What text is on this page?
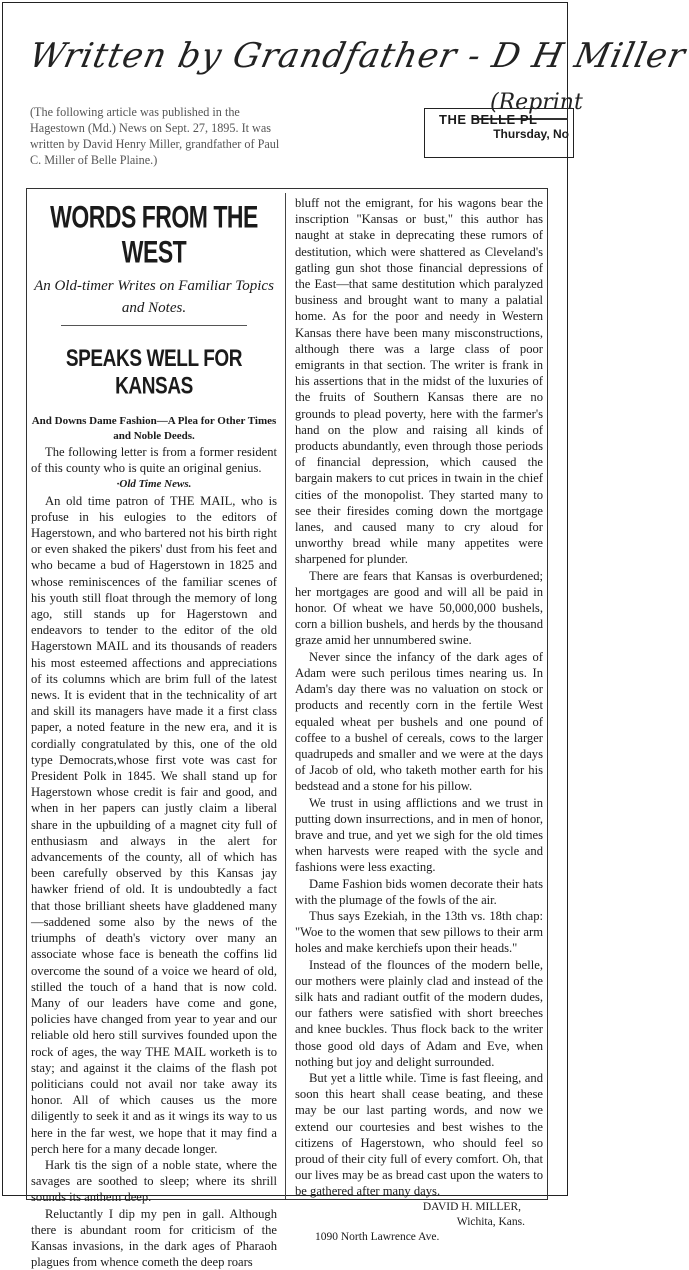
Written by Grandfather - D H Miller
(Reprint
(The following article was published in the Hagestown (Md.) News on Sept. 27, 1895. It was written by David Henry Miller, grandfather of Paul C. Miller of Belle Plaine.)
THE BELLE PL
Thursday, No
WORDS FROM THE WEST
An Old-timer Writes on Familiar Topics and Notes.
SPEAKS WELL FOR KANSAS
And Downs Dame Fashion—A Plea for Other Times and Noble Deeds.

The following letter is from a former resident of this county who is quite an original genius.

·Old Time News.

An old time patron of THE MAIL, who is profuse in his eulogies to the editors of Hagerstown, and who bartered not his birth right or even shaked the pikers' dust from his feet and who became a bud of Hagerstown in 1825 and whose reminiscences of the familiar scenes of his youth still float through the memory of long ago, still stands up for Hagerstown and endeavors to tender to the editor of the old Hagerstown MAIL and its thousands of readers his most esteemed affections and appreciations of its columns which are brim full of the latest news. It is evident that in the technicality of art and skill its managers have made it a first class paper, a noted feature in the new era, and it is cordially congratulated by this, one of the old type Democrats,whose first vote was cast for President Polk in 1845. We shall stand up for Hagerstown whose credit is fair and good, and when in her papers can justly claim a liberal share in the upbuilding of a magnet city full of enthusiasm and always in the alert for advancements of the county, all of which has been carefully observed by this Kansas jay hawker friend of old. It is undoubtedly a fact that those brilliant sheets have gladdened many—saddened some also by the news of the triumphs of death's victory over many an associate whose face is beneath the coffins lid overcome the sound of a voice we heard of old, stilled the touch of a hand that is now cold. Many of our leaders have come and gone, policies have changed from year to year and our reliable old hero still survives founded upon the rock of ages, the way THE MAIL worketh is to stay; and against it the claims of the flash pot politicians could not avail nor take away its honor. All of which causes us the more diligently to seek it and as it wings its way to us here in the far west, we hope that it may find a perch here for a many decade longer.

Hark tis the sign of a noble state, where the savages are soothed to sleep; where its shrill sounds its anthem deep.

Reluctantly I dip my pen in gall. Although there is abundant room for criticism of the Kansas invasions, in the dark ages of Pharaoh plagues from whence cometh the deep roars

bluff not the emigrant, for his wagons bear the inscription "Kansas or bust," this author has naught at stake in deprecating these rumors of destitution, which were shattered as Cleveland's gatling gun shot those financial depressions of the East—that same destitution which paralyzed business and brought want to many a palatial home. As for the poor and needy in Western Kansas there have been many misconstructions, although there was a large class of poor emigrants in that section. The writer is frank in his assertions that in the midst of the luxuries of the fruits of Southern Kansas there are no grounds to plead poverty, here with the farmer's hand on the plow and raising all kinds of products abundantly, even through those periods of financial depression, which caused the bargain makers to cut prices in twain in the chief cities of the monopolist. They started many to see their firesides coming down the mortgage lanes, and caused many to cry aloud for unworthy bread while many appetites were sharpened for plunder.

There are fears that Kansas is overburdened; her mortgages are good and will all be paid in honor. Of wheat we have 50,000,000 bushels, corn a billion bushels, and herds by the thousand graze amid her unnumbered swine.

Never since the infancy of the dark ages of Adam were such perilous times nearing us. In Adam's day there was no valuation on stock or products and recently corn in the fertile West equaled wheat per bushels and one pound of coffee to a bushel of cereals, cows to the larger quadrupeds and smaller and we were at the days of Jacob of old, who taketh mother earth for his bedstead and a stone for his pillow.

We trust in using afflictions and we trust in putting down insurrections, and in men of honor, brave and true, and yet we sigh for the old times when harvests were reaped with the sycle and fashions were less exacting.

Dame Fashion bids women decorate their hats with the plumage of the fowls of the air.

Thus says Ezekiah, in the 13th vs. 18th chap: "Woe to the women that sew pillows to their arm holes and make kerchiefs upon their heads."

Instead of the flounces of the modern belle, our mothers were plainly clad and instead of the silk hats and radiant outfit of the modern dudes, our fathers were satisfied with short breeches and knee buckles. Thus flock back to the writer those good old days of Adam and Eve, when nothing but joy and delight surrounded.

But yet a little while. Time is fast fleeing, and soon this heart shall cease beating, and these may be our last parting words, and now we extend our courtesies and best wishes to the citizens of Hagerstown, who should feel so proud of their city full of every comfort. Oh, that our lives may be as bread cast upon the waters to be gathered after many days.

DAVID H. MILLER,
Wichita, Kans.
1090 North Lawrence Ave.
